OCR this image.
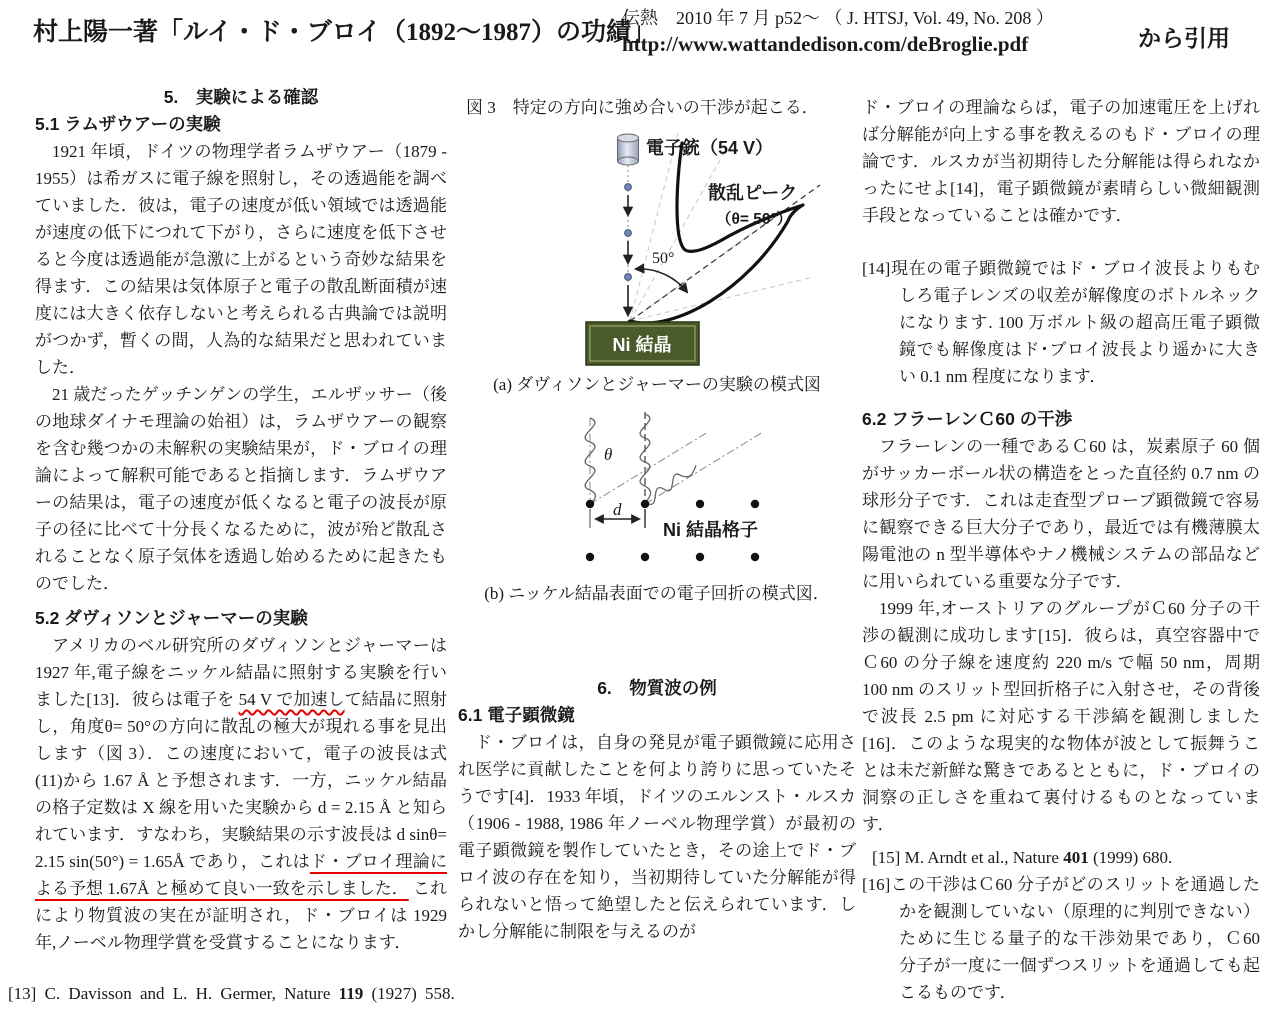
村上陽一著「ルイ・ド・ブロイ（1892～1987）の功績」
伝熱　2010 年 7 月 p52～ （ J. HTSJ, Vol. 49, No. 208 ）
http://www.wattandedison.com/deBroglie.pdf	から引用
5.　実験による確認
5.1 ラムザウアーの実験

1921 年頃，ドイツの物理学者ラムザウアー（1879 - 1955）は希ガスに電子線を照射し，その透過能を調べていました．彼は，電子の速度が低い領域では透過能が速度の低下につれて下がり，さらに速度を低下させると今度は透過能が急激に上がるという奇妙な結果を得ます．この結果は気体原子と電子の散乱断面積が速度には大きく依存しないと考えられる古典論では説明がつかず，暫くの間，人為的な結果だと思われていました．

21 歳だったゲッチンゲンの学生，エルザッサー（後の地球ダイナモ理論の始祖）は，ラムザウアーの観察を含む幾つかの未解釈の実験結果が，ド・ブロイの理論によって解釈可能であると指摘します．ラムザウアーの結果は，電子の速度が低くなると電子の波長が原子の径に比べて十分長くなるために，波が殆ど散乱されることなく原子気体を透過し始めるために起きたものでした．

5.2 ダヴィソンとジャーマーの実験

アメリカのベル研究所のダヴィソンとジャーマーは 1927 年,電子線をニッケル結晶に照射する実験を行いました[13]．彼らは電子を 54 V で加速して結晶に照射し，角度θ= 50°の方向に散乱の極大が現れる事を見出します（図 3）．この速度において，電子の波長は式(11)から 1.67 Å と予想されます．一方，ニッケル結晶の格子定数は X 線を用いた実験から d = 2.15 Å と知られています．すなわち，実験結果の示す波長は d sinθ= 2.15 sin(50°) = 1.65Å であり，これはド・ブロイ理論による予想 1.67Å と極めて良い一致を示しました． これにより物質波の実在が証明され，ド・ブロイは 1929 年,ノーベル物理学賞を受賞することになります．

図 3　特定の方向に強め合いの干渉が起こる．

電子銃（54 V）
50°
散乱ピーク
（θ= 50°）
Ni 結晶

(a) ダヴィソンとジャーマーの実験の模式図

θ
d
Ni 結晶格子

(b) ニッケル結晶表面での電子回折の模式図．

6.　物質波の例
6.1 電子顕微鏡

ド・ブロイは，自身の発見が電子顕微鏡に応用され医学に貢献したことを何より誇りに思っていたそうです[4]．1933 年頃，ドイツのエルンスト・ルスカ（1906 - 1988, 1986 年ノーベル物理学賞）が最初の電子顕微鏡を製作していたとき，その途上でド・ブロイ波の存在を知り，当初期待していた分解能が得られないと悟って絶望したと伝えられています．しかし分解能に制限を与えるのが

ド・ブロイの理論ならば，電子の加速電圧を上げれば分解能が向上する事を教えるのもド・ブロイの理論です．ルスカが当初期待した分解能は得られなかったにせよ[14]，電子顕微鏡が素晴らしい微細観測手段となっていることは確かです．

[14]現在の電子顕微鏡ではド・ブロイ波長よりもむしろ電子レンズの収差が解像度のボトルネックになります. 100 万ボルト級の超高圧電子顕微鏡でも解像度はド･ブロイ波長より遥かに大きい 0.1 nm 程度になります．

6.2 フラーレンＣ60 の干渉

フラーレンの一種であるＣ60 は，炭素原子 60 個がサッカーボール状の構造をとった直径約 0.7 nm の球形分子です．これは走査型プローブ顕微鏡で容易に観察できる巨大分子であり，最近では有機薄膜太陽電池の n 型半導体やナノ機械システムの部品などに用いられている重要な分子です．

1999 年,オーストリアのグループがＣ60 分子の干渉の観測に成功します[15]．彼らは，真空容器中でＣ60 の分子線を速度約 220 m/s で幅 50 nm，周期 100 nm のスリット型回折格子に入射させ，その背後で波長 2.5 pm に対応する干渉縞を観測しました[16]．このような現実的な物体が波として振舞うことは未だ新鮮な驚きであるとともに，ド・ブロイの洞察の正しさを重ねて裏付けるものとなっています．

[15] M. Arndt et al., Nature 401 (1999) 680.

[16]この干渉はＣ60 分子がどのスリットを通過したかを観測していない（原理的に判別できない）ために生じる量子的な干渉効果であり，Ｃ60 分子が一度に一個ずつスリットを通過しても起こるものです．

[13] C. Davisson and L. H. Germer, Nature 119 (1927) 558.
